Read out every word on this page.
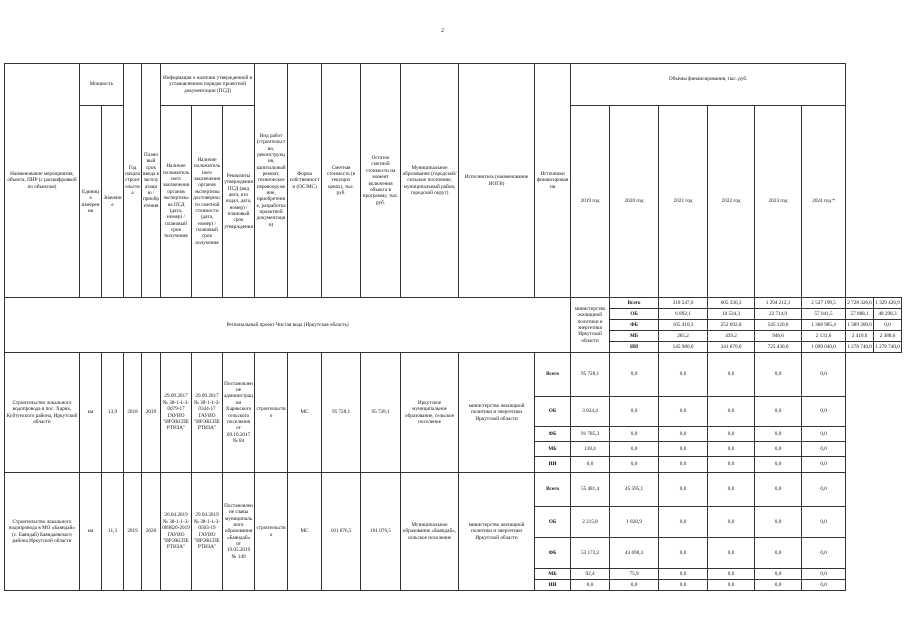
2
Наименование мероприятия, объекта, ПИР (с расшифровкой по объектам)	Мощность		Год начала строительства	Плановый срок ввода в эксплуатацию / приобретения	Информация о наличии утвержденной в установленном порядке проектной документации (ПСД)			Вид работ (строительство, реконструкция, капитальный ремонт, техническое перевооружение, приобретение, разработка проектной документации)	Форма собственности (ОС/МС)	Сметная стоимость (в текущих ценах), тыс. руб.	Остаток сметной стоимости на момент включения объекта в программу, тыс. руб.	Муниципальное образование (городской/сельское поселение, муниципальный район, городской округ)	Исполнитель (наименование ИОГВ)	Источники финансирования	Объемы финансирования, тыс. руб.							

	Единица измерения	Значение			Наличие положительного заключения органов экспертизы на ПСД (дата, номер) / плановый срок получения	Наличие положительного заключения органов экспертизы достоверности сметной стоимости (дата, номер) / плановый срок получения	Реквизиты утверждения ПСД (вид акта, кто издал, дата, номер) / плановый срок утверждения								2019 год	2020 год	2021 год	2022 год	2023 год	2024 год *		
Региональный проект Чистая вода (Иркутская область)															министерство жилищной политики и энергетики Иркутской области	Всего	318 547,6	605 336,3	1 294 212,1	2 527 199,5	2 728 326,6	1 329 426,9
																ОБ	6 892,1	10 534,3	22 714,9	57 041,5	57 888,1	48 298,3
																ФБ	165 410,3	252 692,8	545 120,6	1 368 985,4	1 389 300,6	0,0
																МБ	265,2	439,2	946,6	2 131,6	2 410,0	2 388,6
																ИИ	145 980,0	341 670,0	725 430,0	1 099 040,0	1 278 740,0	1 278 740,0
Строительство локального водопровода в пос. Харик, Куйтунского района, Иркутской области	км	13,9	2018	2019	29.09.2017 № 38-1-1-3-0079-17 ГАУИО "ИРЭКСПЕРТИЗА"	29.09.2017 № 38-1-1-3-0344-17 ГАУИО "ИРЭКСПЕРТИЗА"	Постановление администрации Харикского сельского поселения от 09.10.2017 № 84	строительство	МС	95 728,1	95 728,1	Иркутское муниципальное образование, сельское поселение	министерство жилищной политики и энергетики Иркутской области	Всего	95 728,1	0,0	0,0	0,0	0,0	0,0		
														ОБ	3 824,4	0,0	0,0	0,0	0,0	0,0		
														ФБ	91 785,3	0,0	0,0	0,0	0,0	0,0		
														МБ	118,4	0,0	0,0	0,0	0,0	0,0		
														ИИ	0,0	0,0	0,0	0,0	0,0	0,0		
Строительство локального водопровода в МО «Баяндай» (с. Баяндай) Баяндаевского района Иркутской области	км	11,3	2019	2020	26.04.2019 № 38-1-1-3-009826-2019 ГАУИО "ИРЭКСПЕРТИЗА"	29.04.2019 № 38-1-1-3-0503-19 ГАУИО "ИРЭКСПЕРТИЗА"	Постановление главы муниципального образования «Баяндай» от 19.05.2019 № 149	строительство	МС	101 076,5	101 076,5	Муниципальное образование «Баяндай», сельское поселение	министерство жилищной политики и энергетики Иркутской области	Всего	55 481,4	45 595,1	0,0	0,0	0,0	0,0		
														ОБ	2 215,8	1 820,9	0,0	0,0	0,0	0,0		
														ФБ	53 173,2	43 698,3	0,0	0,0	0,0	0,0		
														МБ	92,4	75,9	0,0	0,0	0,0	0,0		
														ИИ	0,0	0,0	0,0	0,0	0,0	0,0		
